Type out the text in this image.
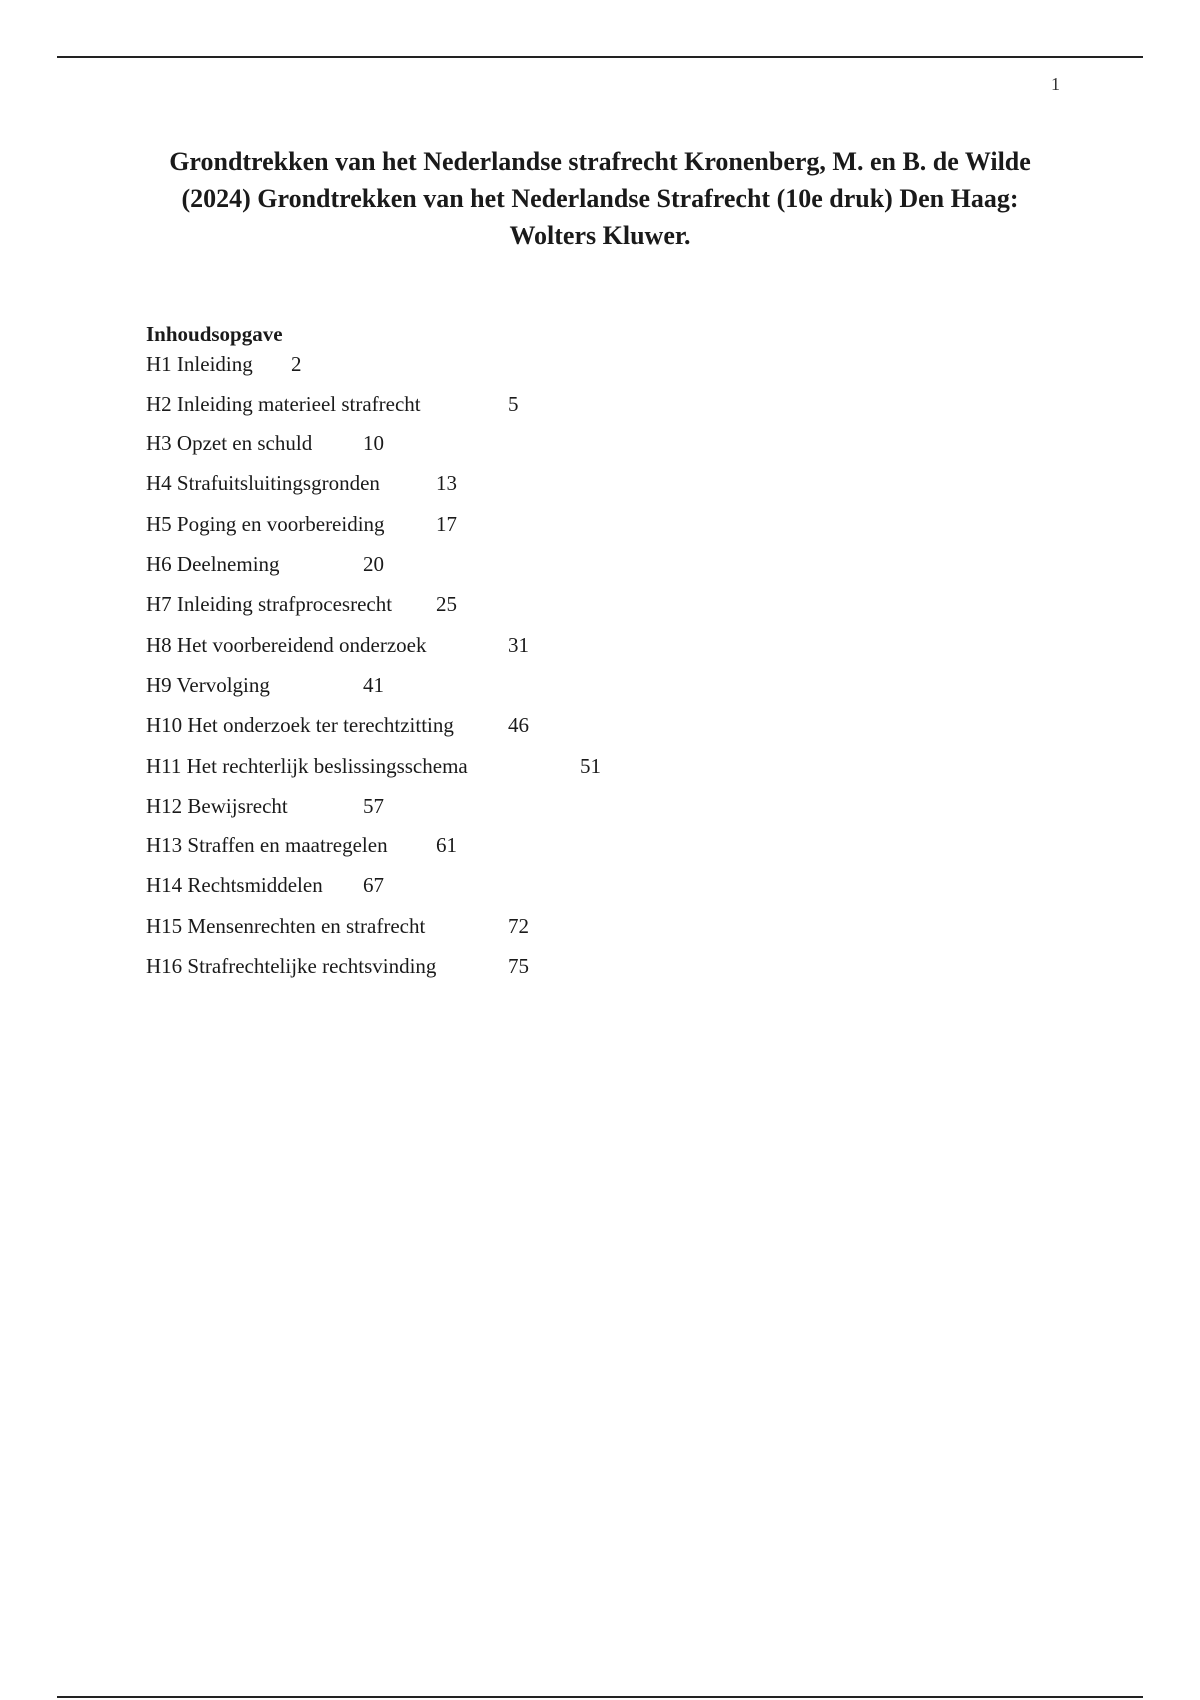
1
Grondtrekken van het Nederlandse strafrecht Kronenberg, M. en B. de Wilde (2024) Grondtrekken van het Nederlandse Strafrecht (10e druk) Den Haag: Wolters Kluwer.

Inhoudsopgave

H1 Inleiding 2
H2 Inleiding materieel strafrecht	5
H3 Opzet en schuld 10
H4 Strafuitsluitingsgronden	13
H5 Poging en voorbereiding 17
H6 Deelneming	20
H7 Inleiding strafprocesrecht 25
H8 Het voorbereidend onderzoek	31
H9 Vervolging	41
H10 Het onderzoek ter terechtzitting	46
H11 Het rechterlijk beslissingsschema	51
H12 Bewijsrecht	57
H13 Straffen en maatregelen 61
H14 Rechtsmiddelen 67
H15 Mensenrechten en strafrecht	72
H16 Strafrechtelijke rechtsvinding	75
